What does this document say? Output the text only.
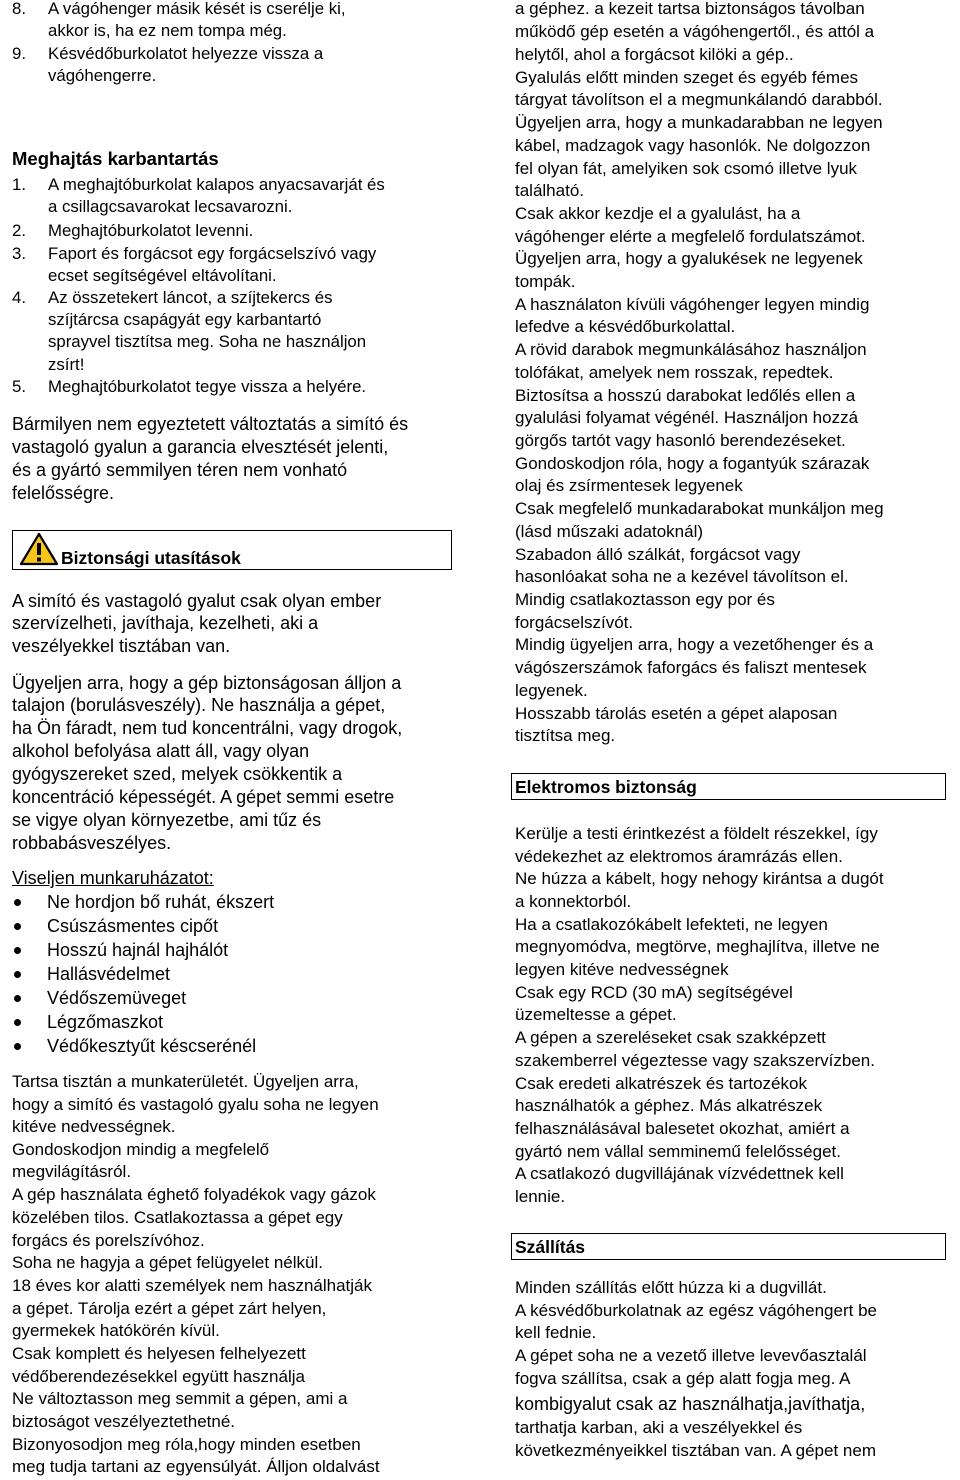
8. A vágóhenger másik kését is cserélje ki,
akkor is, ha ez nem tompa még.
9. Késvédőburkolatot helyezze vissza a
vágóhengerre.
Meghajtás karbantartás
1. A meghajtóburkolat kalapos anyacsavarját és
a csillagcsavarokat lecsavarozni.
2. Meghajtóburkolatot levenni.
3. Faport és forgácsot egy forgácselszívó vagy
ecset segítségével eltávolítani.
4. Az összetekert láncot, a szíjtekercs és
szíjtárcsa csapágyát egy karbantartó
sprayvel tisztítsa meg. Soha ne használjon
zsírt!
5. Meghajtóburkolatot tegye vissza a helyére.
Bármilyen nem egyeztetett változtatás a simító és
vastagoló gyalun a garancia elvesztését jelenti,
és a gyártó semmilyen téren nem vonható
felelősségre.
Biztonsági utasítások
A simító és vastagoló gyalut csak olyan ember
szervízelheti, javíthaja, kezelheti, aki a
veszélyekkel tisztában van.
Ügyeljen arra, hogy a gép biztonságosan álljon a
talajon (borulásveszély). Ne használja a gépet,
ha Ön fáradt, nem tud koncentrálni, vagy drogok,
alkohol befolyása alatt áll, vagy olyan
gyógyszereket szed, melyek csökkentik a
koncentráció képességét. A gépet semmi esetre
se vigye olyan környezetbe, ami tűz és
robbabásveszélyes.
Viseljen munkaruházatot:
Ne hordjon bő ruhát, ékszert
Csúszásmentes cipőt
Hosszú hajnál hajhálót
Hallásvédelmet
Védőszemüveget
Légzőmaszkot
Védőkesztyűt késcserénél
Tartsa tisztán a munkaterületét. Ügyeljen arra,
hogy a simító és vastagoló gyalu soha ne legyen
kitéve nedvességnek.
Gondoskodjon mindig a megfelelő
megvilágításról.
A gép használata éghető folyadékok vagy gázok
közelében tilos. Csatlakoztassa a gépet egy
forgács és porelszívóhoz.
Soha ne hagyja a gépet felügyelet nélkül.
18 éves kor alatti személyek nem használhatják
a gépet. Tárolja ezért a gépet zárt helyen,
gyermekek hatókörén kívül.
Csak komplett és helyesen felhelyezett
védőberendezésekkel együtt használja
Ne változtasson meg semmit a gépen, ami a
biztoságot veszélyeztethetné.
Bizonyosodjon meg róla,hogy minden esetben
meg tudja tartani az egyensúlyát. Álljon oldalvást
a géphez. a kezeit tartsa biztonságos távolban
működő gép esetén a vágóhengertől., és attól a
helytől, ahol a forgácsot kilöki a gép..
Gyalulás előtt minden szeget és egyéb fémes
tárgyat távolítson el a megmunkálandó darabból.
Ügyeljen arra, hogy a munkadarabban ne legyen
kábel, madzagok vagy hasonlók. Ne dolgozzon
fel olyan fát, amelyiken sok csomó illetve lyuk
található.
Csak akkor kezdje el a gyalulást, ha a
vágóhenger elérte a megfelelő fordulatszámot.
Ügyeljen arra, hogy a gyalukések ne legyenek
tompák.
A használaton kívüli vágóhenger legyen mindig
lefedve a késvédőburkolattal.
A rövid darabok megmunkálásához használjon
tolófákat, amelyek nem rosszak, repedtek.
Biztosítsa a hosszú darabokat ledőlés ellen a
gyalulási folyamat végénél. Használjon hozzá
görgős tartót vagy hasonló berendezéseket.
Gondoskodjon róla, hogy a fogantyúk szárazak
olaj és zsírmentesek legyenek
Csak megfelelő munkadarabokat munkáljon meg
(lásd műszaki adatoknál)
Szabadon álló szálkát, forgácsot vagy
hasonlóakat soha ne a kezével távolítson el.
Mindig csatlakoztasson egy por és
forgácselszívót.
Mindig ügyeljen arra, hogy a vezetőhenger és a
vágószerszámok faforgács és faliszt mentesek
legyenek.
Hosszabb tárolás esetén a gépet alaposan
tisztítsa meg.
Elektromos biztonság
Kerülje a testi érintkezést a földelt részekkel, így
védekezhet az elektromos áramrázás ellen.
Ne húzza a kábelt, hogy nehogy kirántsa a dugót
a konnektorból.
Ha a csatlakozókábelt lefekteti, ne legyen
megnyomódva, megtörve, meghajlítva, illetve ne
legyen kitéve nedvességnek
Csak egy RCD (30 mA) segítségével
üzemeltesse a gépet.
A gépen a szereléseket csak szakképzett
szakemberrel végeztesse vagy szakszervízben.
Csak eredeti alkatrészek és tartozékok
használhatók a géphez. Más alkatrészek
felhasználásával balesetet okozhat, amiért a
gyártó nem vállal semminemű felelősséget.
A csatlakozó dugvillájának vízvédettnek kell
lennie.
Szállítás
Minden szállítás előtt húzza ki a dugvillát.
A késvédőburkolatnak az egész vágóhengert be
kell fednie.
A gépet soha ne a vezető illetve levevőasztalál
fogva szállítsa, csak a gép alatt fogja meg. A
kombigyalut csak az használhatja,javíthatja,
tarthatja karban, aki a veszélyekkel és
következményeikkel tisztában van. A gépet nem
